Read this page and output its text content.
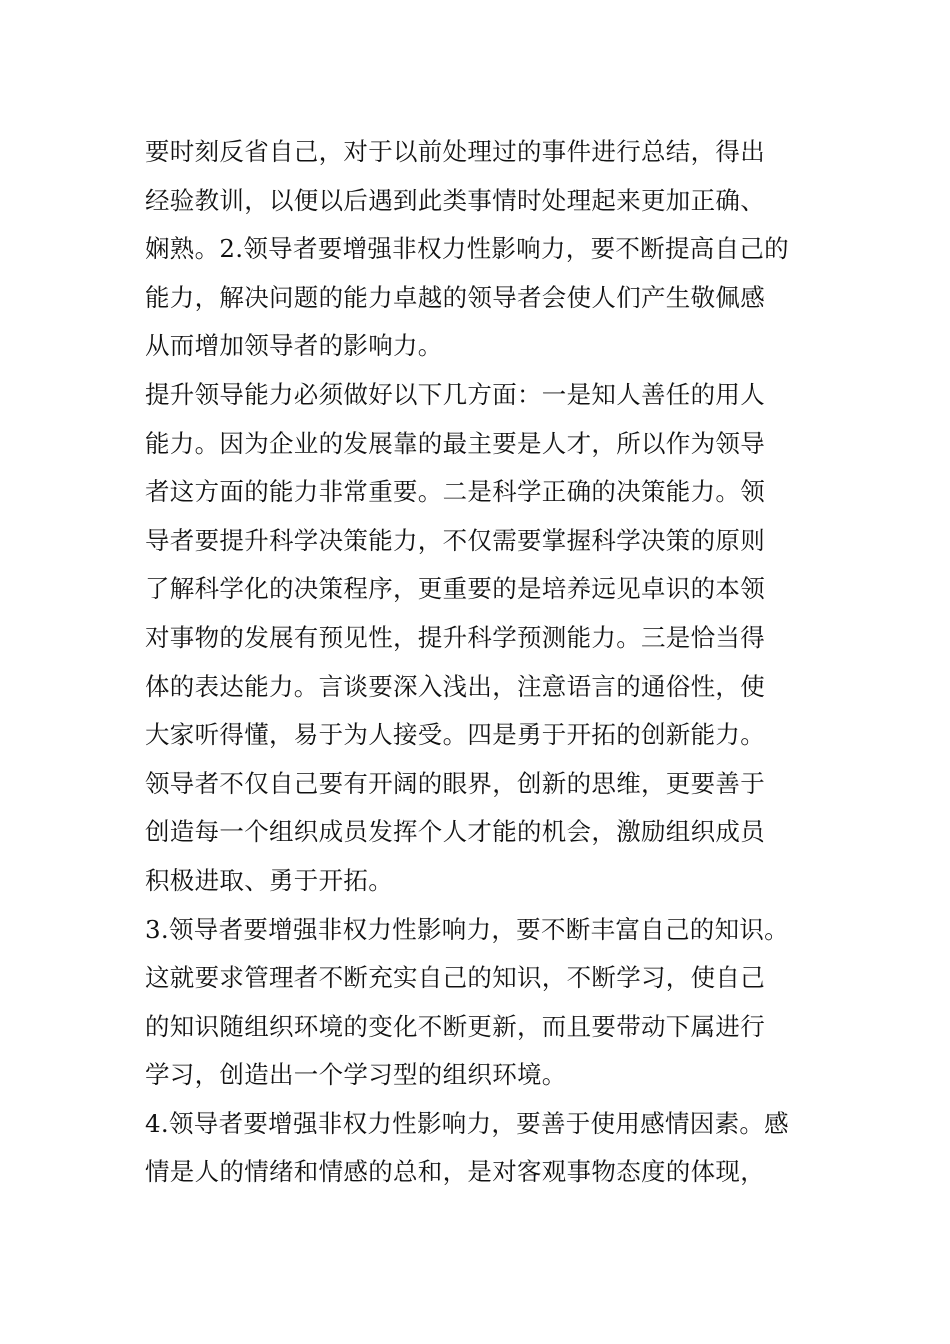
要时刻反省自己，对于以前处理过的事件进行总结，得出
经验教训，以便以后遇到此类事情时处理起来更加正确、
娴熟。2.领导者要增强非权力性影响力，要不断提高自己的
能力，解决问题的能力卓越的领导者会使人们产生敬佩感
从而增加领导者的影响力。
提升领导能力必须做好以下几方面：一是知人善任的用人
能力。因为企业的发展靠的最主要是人才，所以作为领导
者这方面的能力非常重要。二是科学正确的决策能力。领
导者要提升科学决策能力，不仅需要掌握科学决策的原则
了解科学化的决策程序，更重要的是培养远见卓识的本领
对事物的发展有预见性，提升科学预测能力。三是恰当得
体的表达能力。言谈要深入浅出，注意语言的通俗性，使
大家听得懂，易于为人接受。四是勇于开拓的创新能力。
领导者不仅自己要有开阔的眼界，创新的思维，更要善于
创造每一个组织成员发挥个人才能的机会，激励组织成员
积极进取、勇于开拓。
3.领导者要增强非权力性影响力，要不断丰富自己的知识。
这就要求管理者不断充实自己的知识，不断学习，使自己
的知识随组织环境的变化不断更新，而且要带动下属进行
学习，创造出一个学习型的组织环境。
4.领导者要增强非权力性影响力，要善于使用感情因素。感
情是人的情绪和情感的总和，是对客观事物态度的体现，
